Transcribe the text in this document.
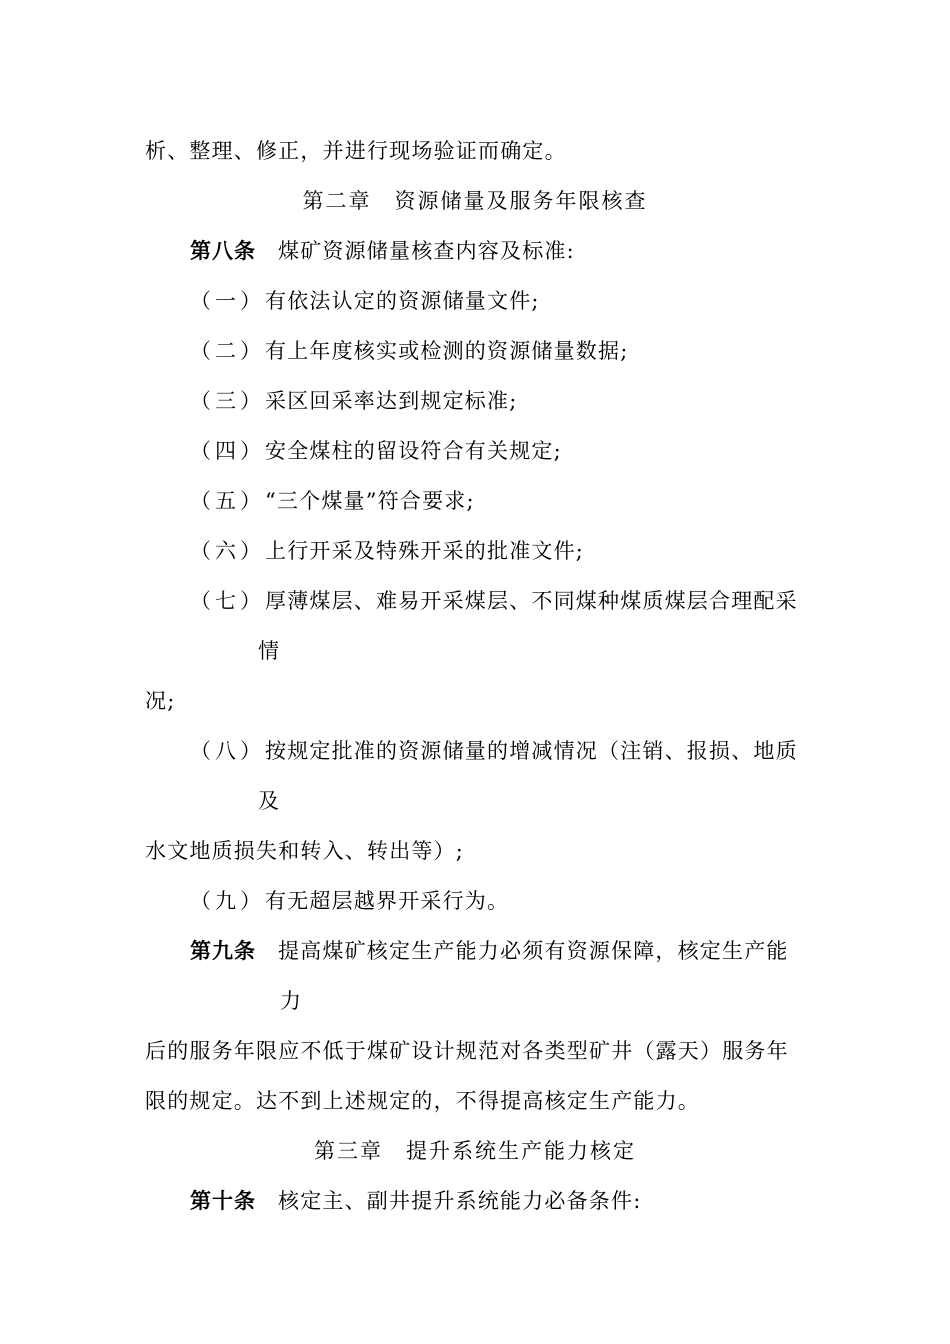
析、整理、修正，并进行现场验证而确定。
第二章　资源储量及服务年限核查
第八条 煤矿资源储量核查内容及标准:
（一）有依法认定的资源储量文件;
（二）有上年度核实或检测的资源储量数据;
（三）采区回采率达到规定标准;
（四）安全煤柱的留设符合有关规定;
（五）“三个煤量”符合要求;
（六）上行开采及特殊开采的批准文件;
（七）厚薄煤层、难易开采煤层、不同煤种煤质煤层合理配采
情
况;
（八）按规定批准的资源储量的增减情况（注销、报损、地质
及
水文地质损失和转入、转出等）;
（九）有无超层越界开采行为。
第九条 提高煤矿核定生产能力必须有资源保障，核定生产能
力
后的服务年限应不低于煤矿设计规范对各类型矿井（露天）服务年
限的规定。达不到上述规定的，不得提高核定生产能力。
第三章　提升系统生产能力核定
第十条 核定主、副井提升系统能力必备条件:
